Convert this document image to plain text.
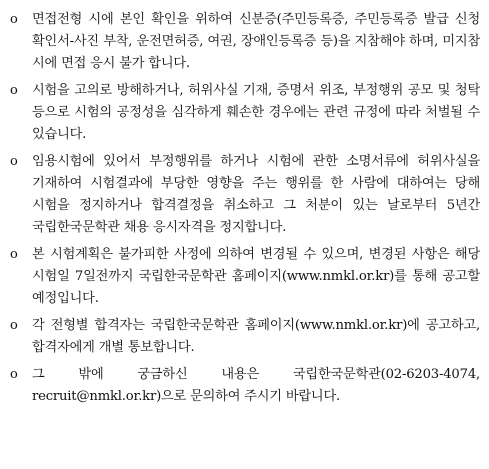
o 면접전형 시에 본인 확인을 위하여 신분증(주민등록증, 주민등록증 발급 신청 확인서-사진 부착, 운전면허증, 여권, 장애인등록증 등)을 지참해야 하며, 미지참 시에 면접 응시 불가 합니다.
o 시험을 고의로 방해하거나, 허위사실 기재, 증명서 위조, 부정행위 공모 및 청탁 등으로 시험의 공정성을 심각하게 훼손한 경우에는 관련 규정에 따라 처벌될 수 있습니다.
o 임용시험에 있어서 부정행위를 하거나 시험에 관한 소명서류에 허위사실을 기재하여 시험결과에 부당한 영향을 주는 행위를 한 사람에 대하여는 당해 시험을 정지하거나 합격결정을 취소하고 그 처분이 있는 날로부터 5년간 국립한국문학관 채용 응시자격을 정지합니다.
o 본 시험계획은 불가피한 사정에 의하여 변경될 수 있으며, 변경된 사항은 해당 시험일 7일전까지 국립한국문학관 홈페이지(www.nmkl.or.kr)를 통해 공고할 예정입니다.
o 각 전형별 합격자는 국립한국문학관 홈페이지(www.nmkl.or.kr)에 공고하고, 합격자에게 개별 통보합니다.
o 그 밖에 궁금하신 내용은 국립한국문학관(02-6203-4074, recruit@nmkl.or.kr)으로 문의하여 주시기 바랍니다.
